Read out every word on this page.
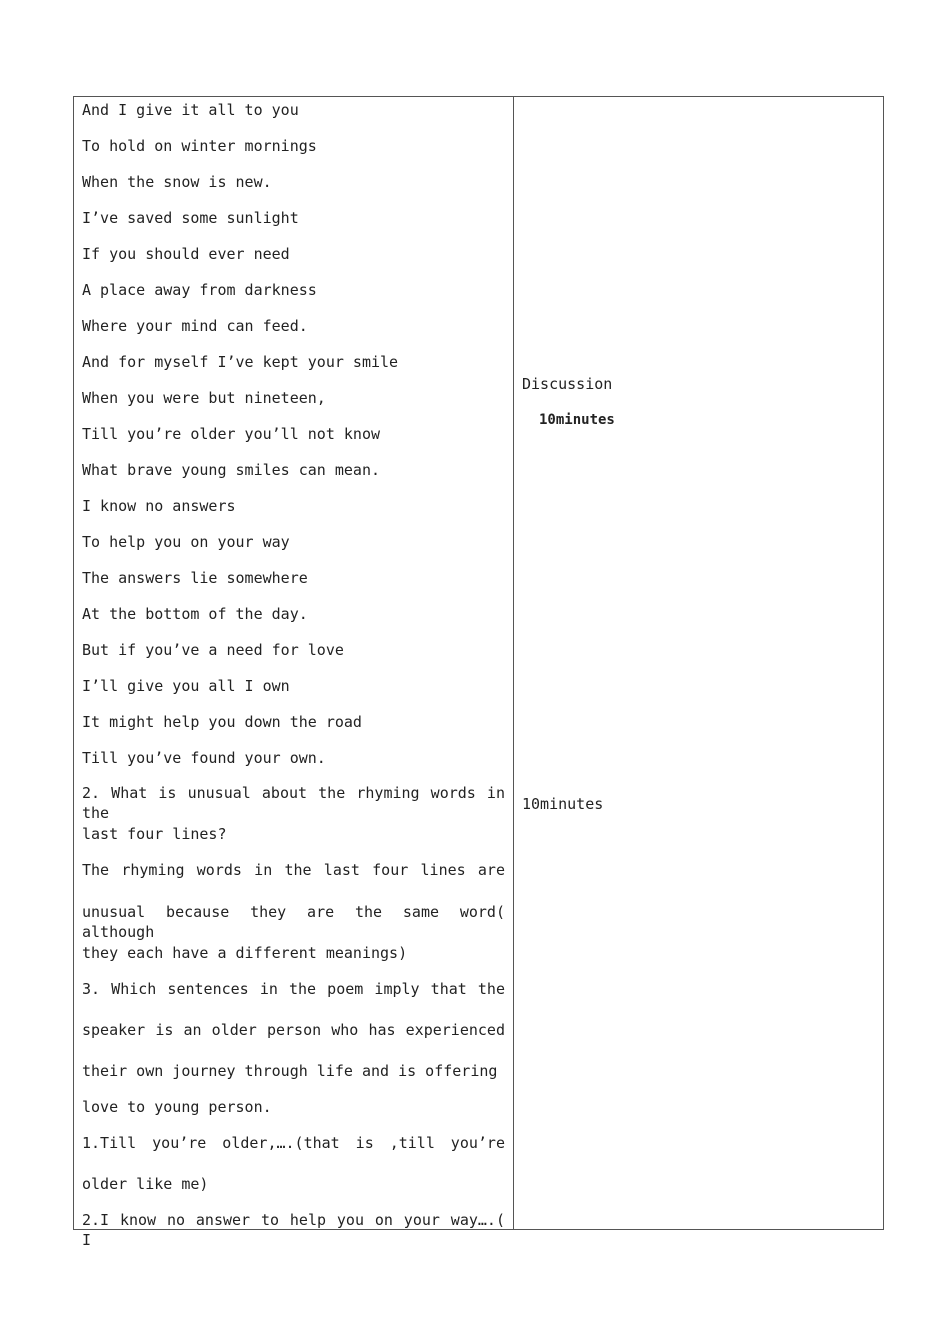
And I give it all to you
To hold on winter mornings
When the snow is new.
I’ve saved some sunlight
If you should ever need
A place away from darkness
Where your mind can feed.
And for myself I’ve kept your smile
When you were but nineteen,
Till you’re older you’ll not know
What brave young smiles can mean.
I know no answers
To help you on your way
The answers lie somewhere
At the bottom of the day.
But if you’ve a need for love
I’ll give you all I own
It might help you down the road
Till you’ve found your own.
2. What is unusual about the rhyming words in the
last four lines?
The rhyming words in the last four lines are
unusual because they are the same word( although
they each have a different meanings)
3. Which sentences in the poem imply that the
speaker is an older person who has experienced
their own journey through life and is offering
love to young person.
1.Till you’re older,….(that is ,till you’re
older like me)
2.I know no answer to help you on your way….( I
Discussion
10minutes
10minutes
